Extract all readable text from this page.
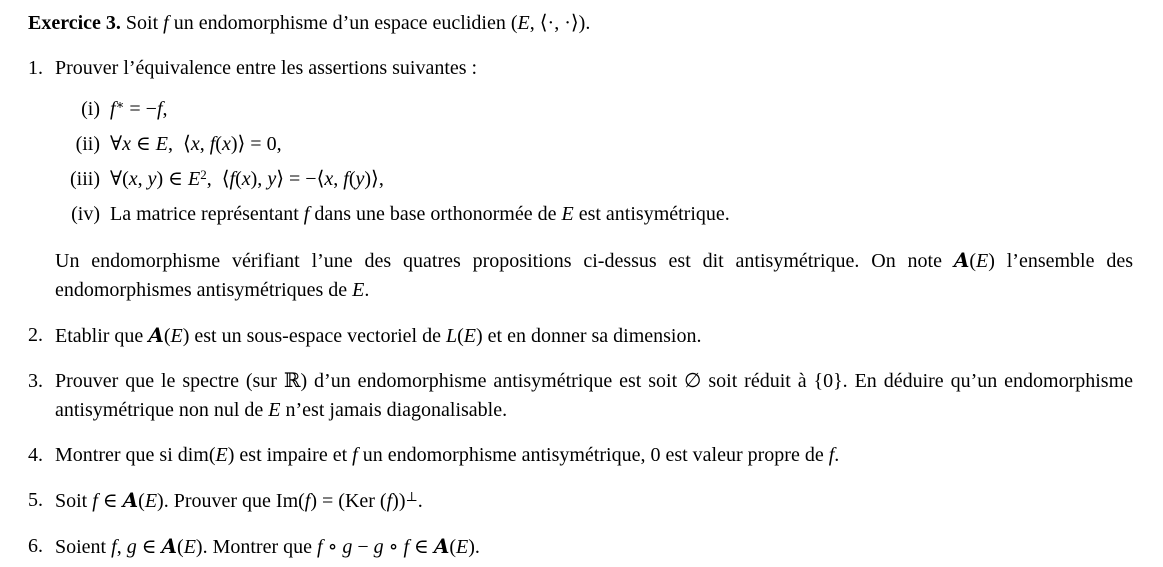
Exercice 3. Soit f un endomorphisme d’un espace euclidien (E, ⟨·, ·⟩).
1. Prouver l’équivalence entre les assertions suivantes :
(i) f∗ = −f,
(ii) ∀x ∈ E, ⟨x, f(x)⟩ = 0,
(iii) ∀(x, y) ∈ $E^2$, ⟨f(x), y⟩ = −⟨x, f(y)⟩,
(iv) La matrice représentant f dans une base orthonormée de E est antisymétrique.
Un endomorphisme vérifiant l’une des quatres propositions ci-dessus est dit antisymétrique. On note A(E) l’ensemble des endomorphismes antisymétriques de E.
2. Etablir que A(E) est un sous-espace vectoriel de L(E) et en donner sa dimension.
3. Prouver que le spectre (sur ℝ) d’un endomorphisme antisymétrique est soit ∅ soit réduit à {0}. En déduire qu’un endomorphisme antisymétrique non nul de E n’est jamais diagonalisable.
4. Montrer que si dim(E) est impaire et f un endomorphisme antisymétrique, 0 est valeur propre de f.
5. Soit f ∈ A(E). Prouver que Im(f) = (Ker (f))⊥.
6. Soient f, g ∈ A(E). Montrer que f ∘ g − g ∘ f ∈ A(E).
